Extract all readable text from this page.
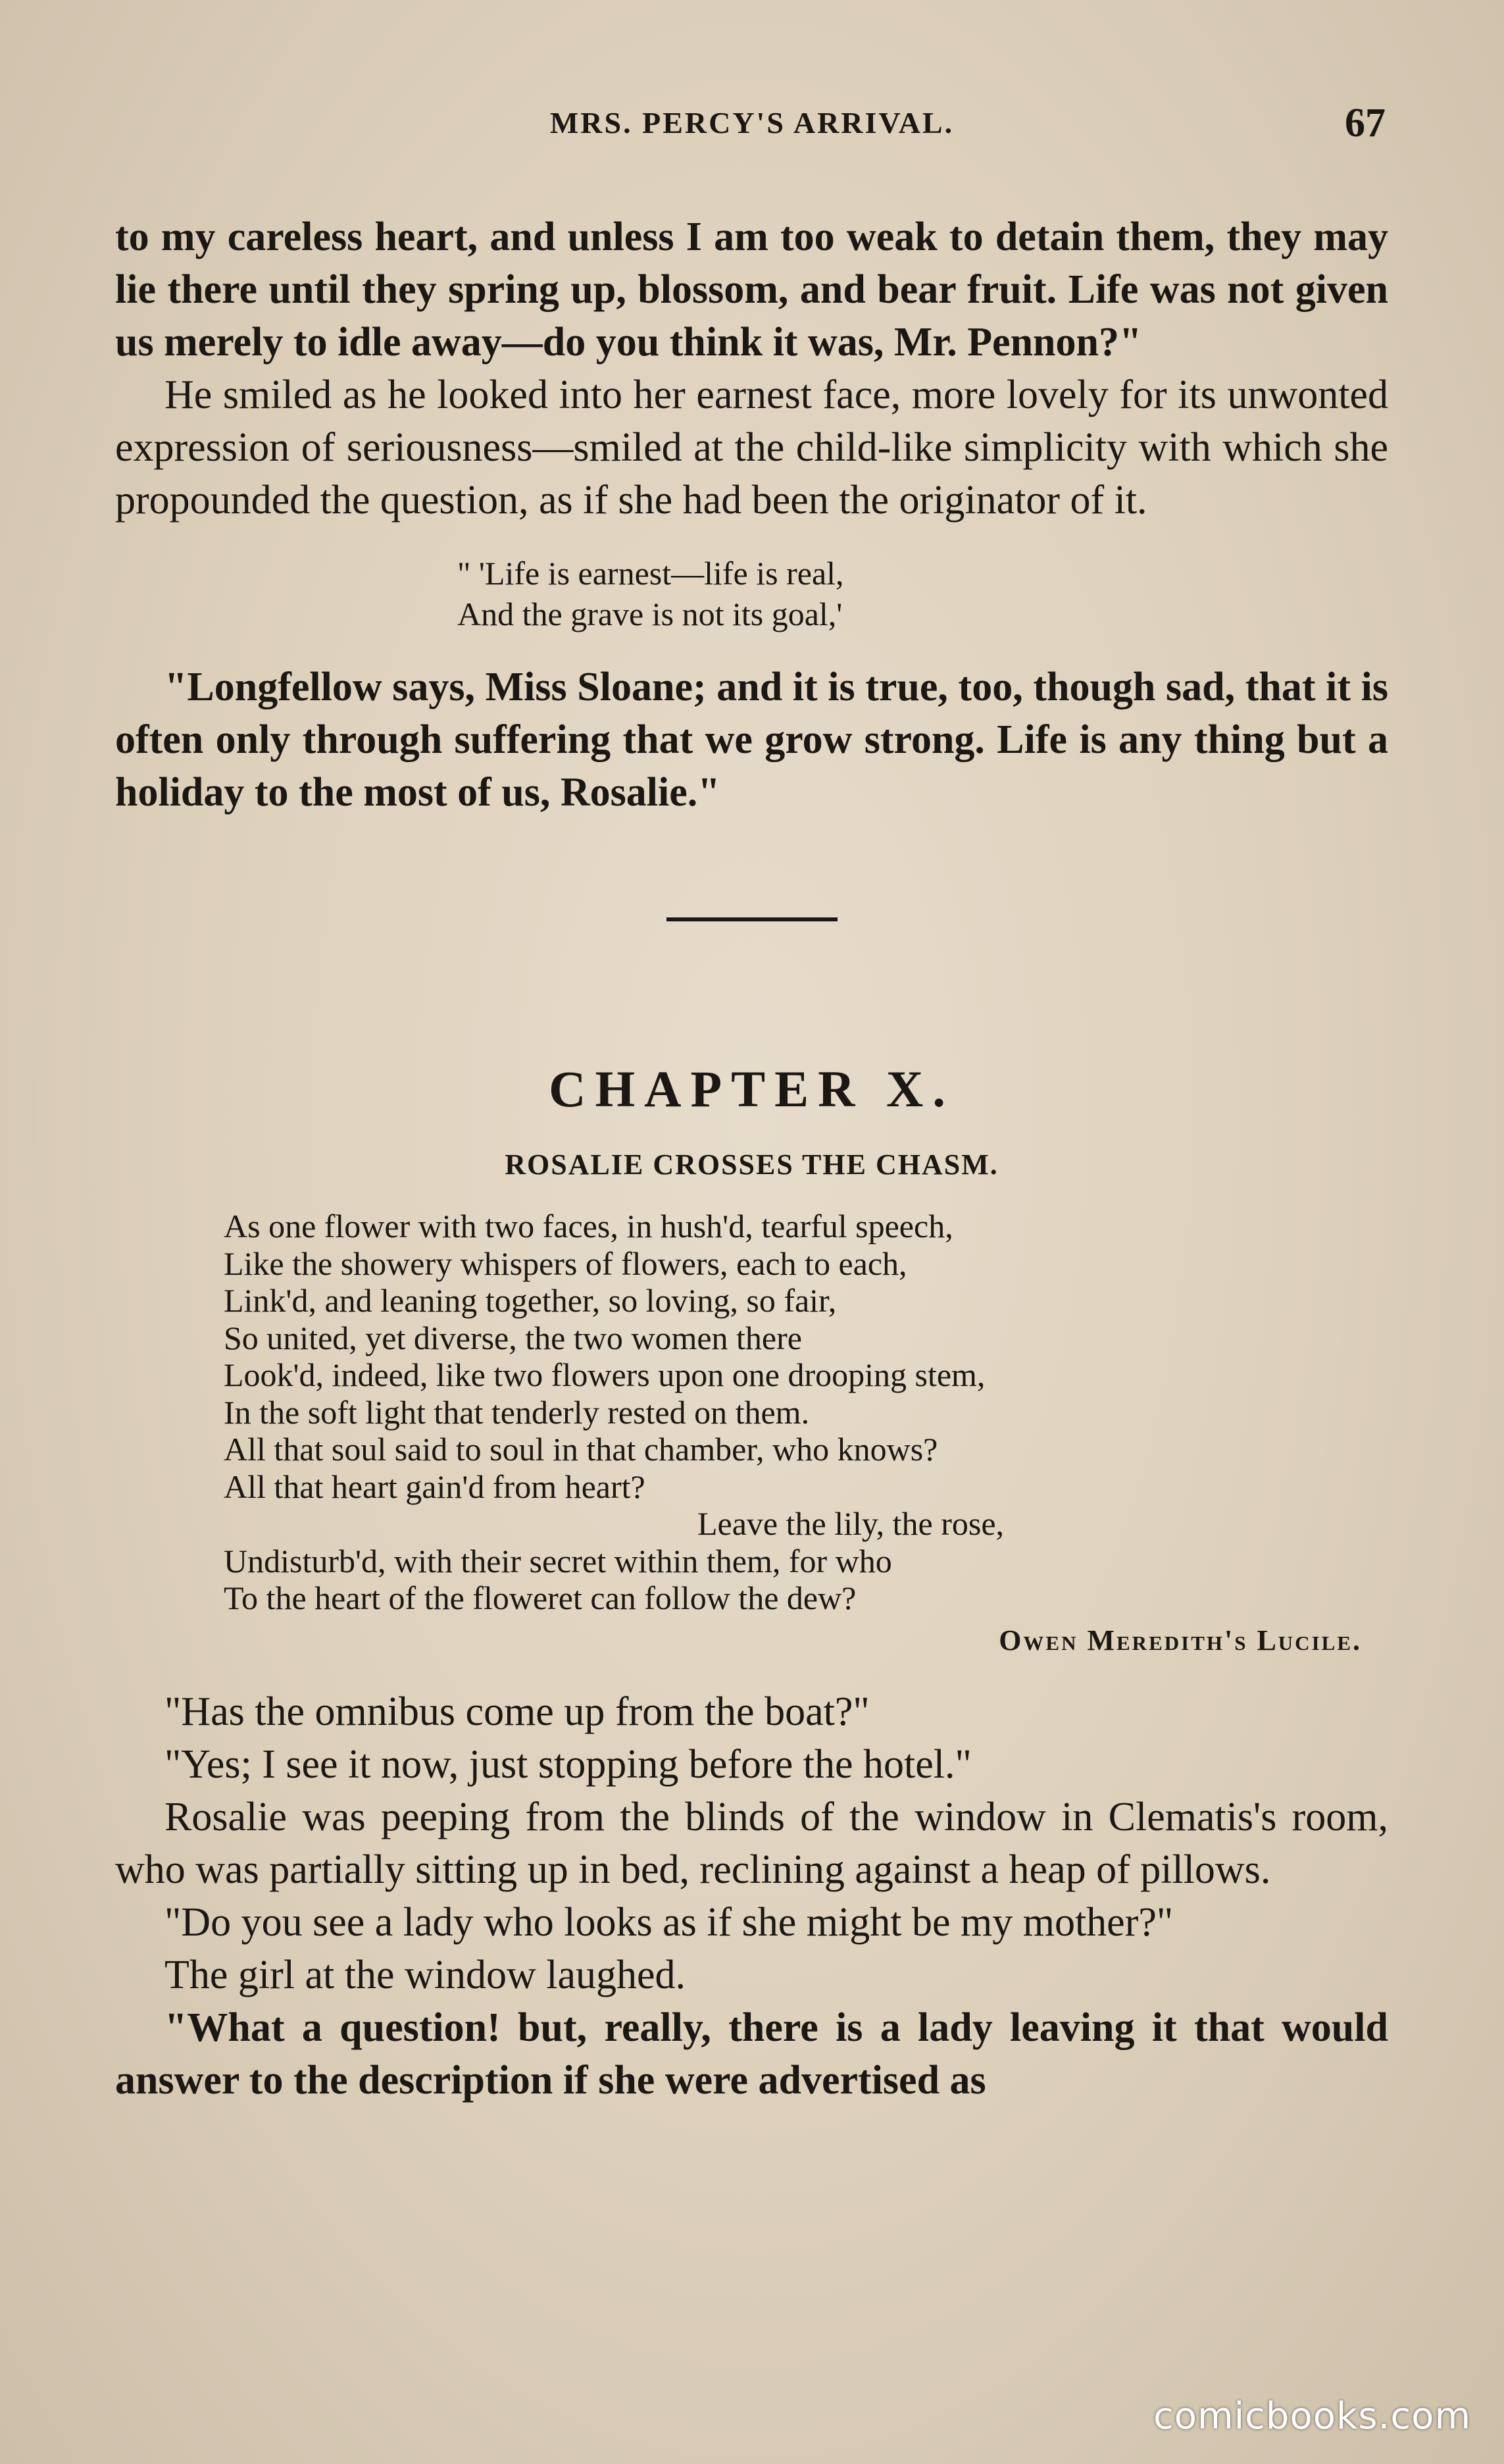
MRS. PERCY'S ARRIVAL.	67

to my careless heart, and unless I am too weak to detain them, they may lie there until they spring up, blossom, and bear fruit. Life was not given us merely to idle away—do you think it was, Mr. Pennon?"

He smiled as he looked into her earnest face, more lovely for its unwonted expression of seriousness—smiled at the child-like simplicity with which she propounded the question, as if she had been the originator of it.

" 'Life is earnest—life is real,
And the grave is not its goal,'

"Longfellow says, Miss Sloane; and it is true, too, though sad, that it is often only through suffering that we grow strong. Life is any thing but a holiday to the most of us, Rosalie."

CHAPTER X.
ROSALIE CROSSES THE CHASM.
As one flower with two faces, in hush'd, tearful speech,
Like the showery whispers of flowers, each to each,
Link'd, and leaning together, so loving, so fair,
So united, yet diverse, the two women there
Look'd, indeed, like two flowers upon one drooping stem,
In the soft light that tenderly rested on them.
All that soul said to soul in that chamber, who knows?
All that heart gain'd from heart?
Leave the lily, the rose,
Undisturb'd, with their secret within them, for who
To the heart of the floweret can follow the dew?
Owen Meredith's Lucile.

"Has the omnibus come up from the boat?"

"Yes; I see it now, just stopping before the hotel."

Rosalie was peeping from the blinds of the window in Clematis's room, who was partially sitting up in bed, reclining against a heap of pillows.

"Do you see a lady who looks as if she might be my mother?"

The girl at the window laughed.

"What a question! but, really, there is a lady leaving it that would answer to the description if she were advertised as

comicbooks.com
